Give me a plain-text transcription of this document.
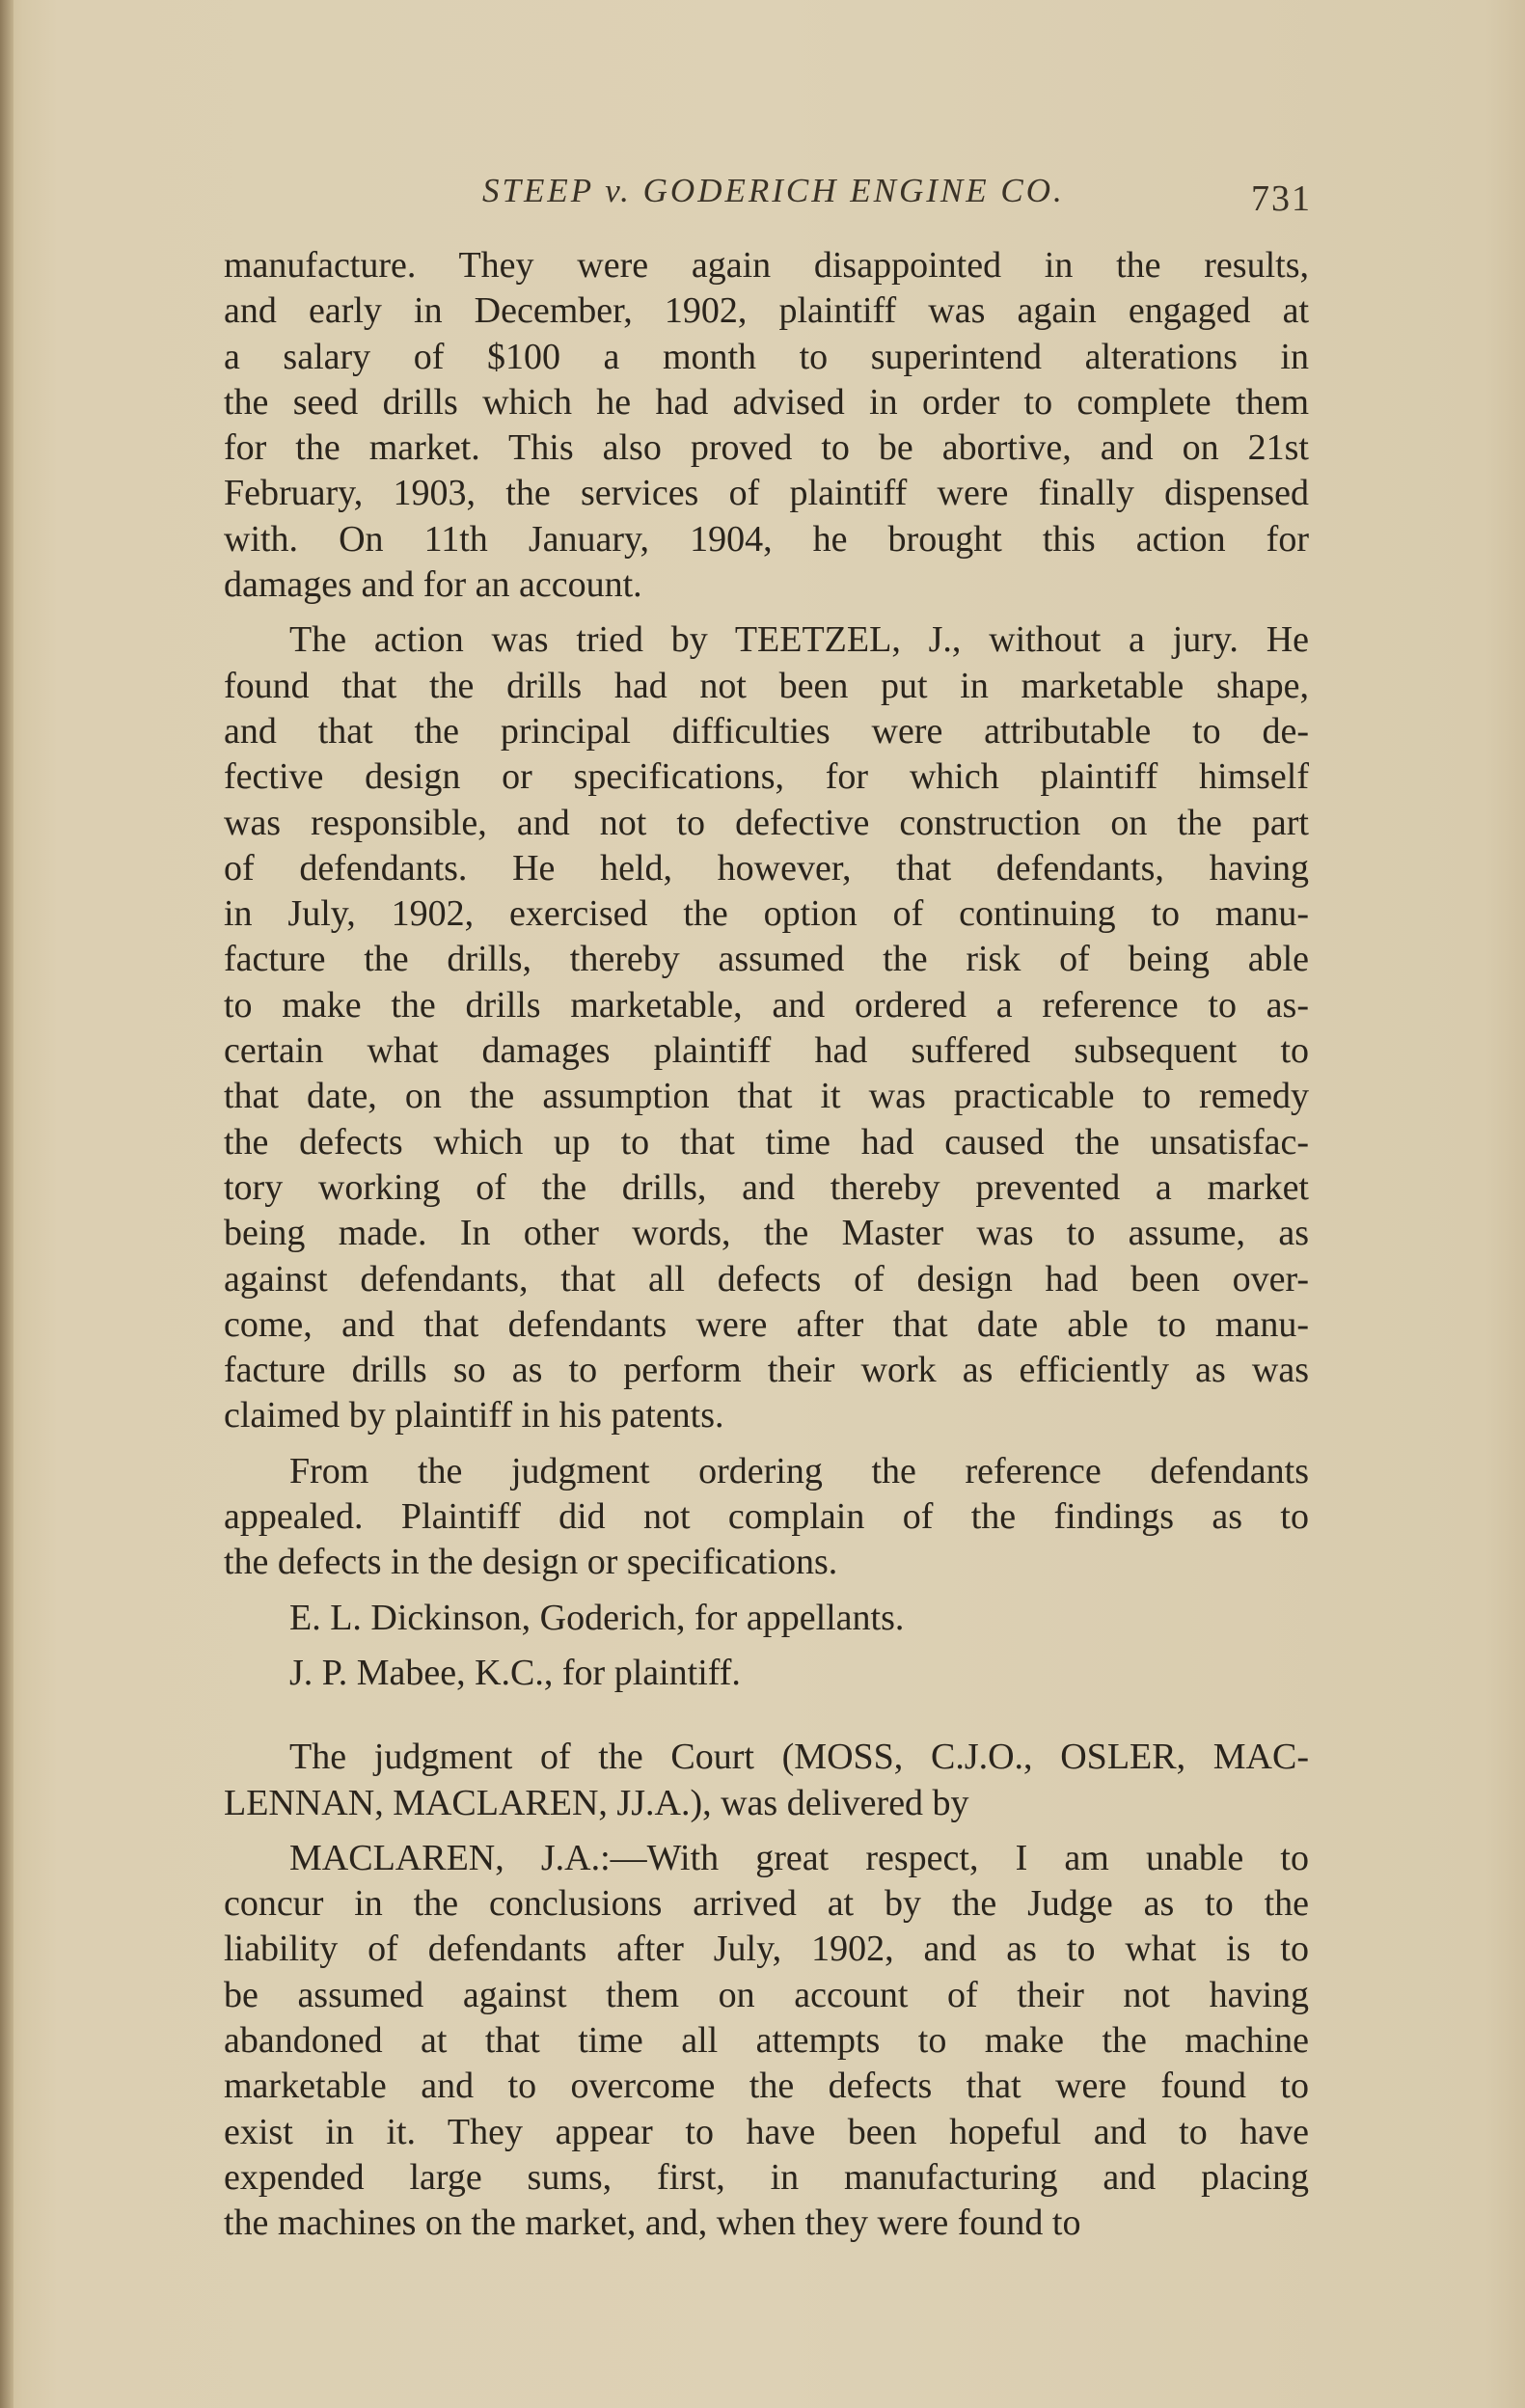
STEEP v. GODERICH ENGINE CO.	731
manufacture. They were again disappointed in the results,
and early in December, 1902, plaintiff was again engaged at
a salary of $100 a month to superintend alterations in
the seed drills which he had advised in order to complete them
for the market. This also proved to be abortive, and on 21st
February, 1903, the services of plaintiff were finally dispensed
with. On 11th January, 1904, he brought this action for
damages and for an account.
The action was tried by TEETZEL, J., without a jury. He
found that the drills had not been put in marketable shape,
and that the principal difficulties were attributable to de-
fective design or specifications, for which plaintiff himself
was responsible, and not to defective construction on the part
of defendants. He held, however, that defendants, having
in July, 1902, exercised the option of continuing to manu-
facture the drills, thereby assumed the risk of being able
to make the drills marketable, and ordered a reference to as-
certain what damages plaintiff had suffered subsequent to
that date, on the assumption that it was practicable to remedy
the defects which up to that time had caused the unsatisfac-
tory working of the drills, and thereby prevented a market
being made. In other words, the Master was to assume, as
against defendants, that all defects of design had been over-
come, and that defendants were after that date able to manu-
facture drills so as to perform their work as efficiently as was
claimed by plaintiff in his patents.
From the judgment ordering the reference defendants
appealed. Plaintiff did not complain of the findings as to
the defects in the design or specifications.
E. L. Dickinson, Goderich, for appellants.
J. P. Mabee, K.C., for plaintiff.
The judgment of the Court (MOSS, C.J.O., OSLER, MAC-
LENNAN, MACLAREN, JJ.A.), was delivered by
MACLAREN, J.A.:—With great respect, I am unable to
concur in the conclusions arrived at by the Judge as to the
liability of defendants after July, 1902, and as to what is to
be assumed against them on account of their not having
abandoned at that time all attempts to make the machine
marketable and to overcome the defects that were found to
exist in it. They appear to have been hopeful and to have
expended large sums, first, in manufacturing and placing
the machines on the market, and, when they were found to
